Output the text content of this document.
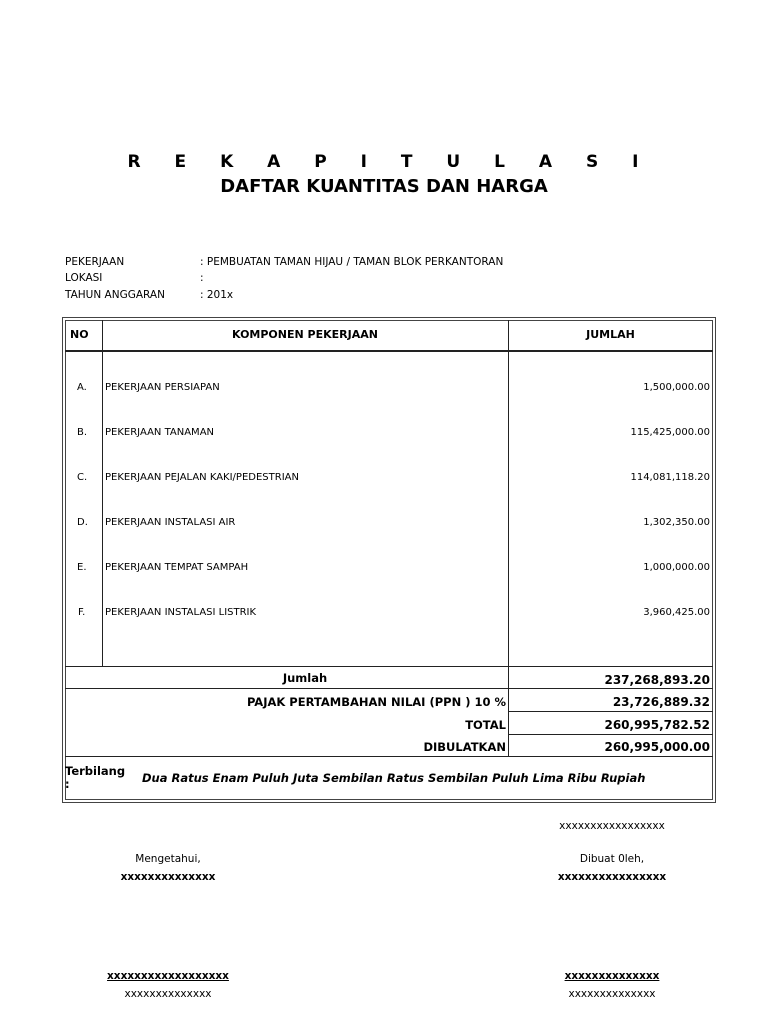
R E K A P I T U L A S I
DAFTAR KUANTITAS DAN HARGA
PEKERJAAN	: PEMBUATAN TAMAN HIJAU / TAMAN BLOK PERKANTORAN
LOKASI	:
TAHUN ANGGARAN	: 201x
NO	KOMPONEN PEKERJAAN	JUMLAH
A. PEKERJAAN PERSIAPAN	1,500,000.00
B. PEKERJAAN TANAMAN	115,425,000.00
C. PEKERJAAN PEJALAN KAKI/PEDESTRIAN	114,081,118.20
D. PEKERJAAN INSTALASI AIR	1,302,350.00
E. PEKERJAAN TEMPAT SAMPAH	1,000,000.00
F. PEKERJAAN INSTALASI LISTRIK	3,960,425.00
Jumlah	237,268,893.20
PAJAK PERTAMBAHAN NILAI (PPN ) 10 %	23,726,889.32
TOTAL	260,995,782.52
DIBULATKAN	260,995,000.00
Terbilang
:	Dua Ratus Enam Puluh Juta Sembilan Ratus Sembilan Puluh Lima Ribu Rupiah
xxxxxxxxxxxxxxxxx
Mengetahui,
xxxxxxxxxxxxxx
Dibuat 0leh,
xxxxxxxxxxxxxxxx
xxxxxxxxxxxxxxxxxx
xxxxxxxxxxxxxx
xxxxxxxxxxxxxx
xxxxxxxxxxxxxx
